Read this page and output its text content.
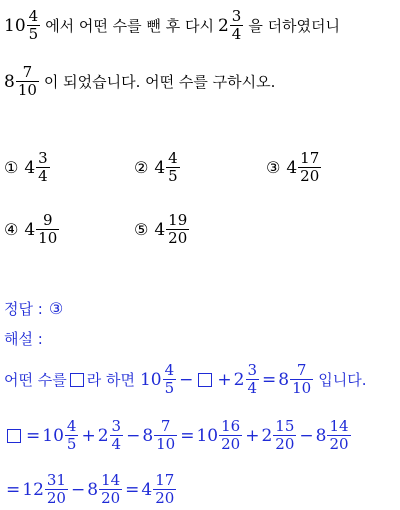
$10 \frac{4}{5}$ 에서 어떤 수를 뺀 후 다시 $2 \frac{3}{4}$ 을 더하였더니
$8 \frac{7}{10}$ 이 되었습니다. 어떤 수를 구하시오.
① $4 \frac{3}{4}$	② $4 \frac{4}{5}$	③ $4 \frac{17}{20}$
④ $4 \frac{9}{10}$	⑤ $4 \frac{19}{20}$
정답 : ③
해설 :
어떤 수를 라 하면 $10 \frac{4}{5}$ − + $2 \frac{3}{4} = 8 \frac{7}{10}$ 입니다.
= $10 \frac{4}{5} + 2 \frac{3}{4} - 8 \frac{7}{10} = 10 \frac{16}{20} + 2 \frac{15}{20} - 8 \frac{14}{20}$
= $12 \frac{31}{20} - 8 \frac{14}{20} = 4 \frac{17}{20}$
